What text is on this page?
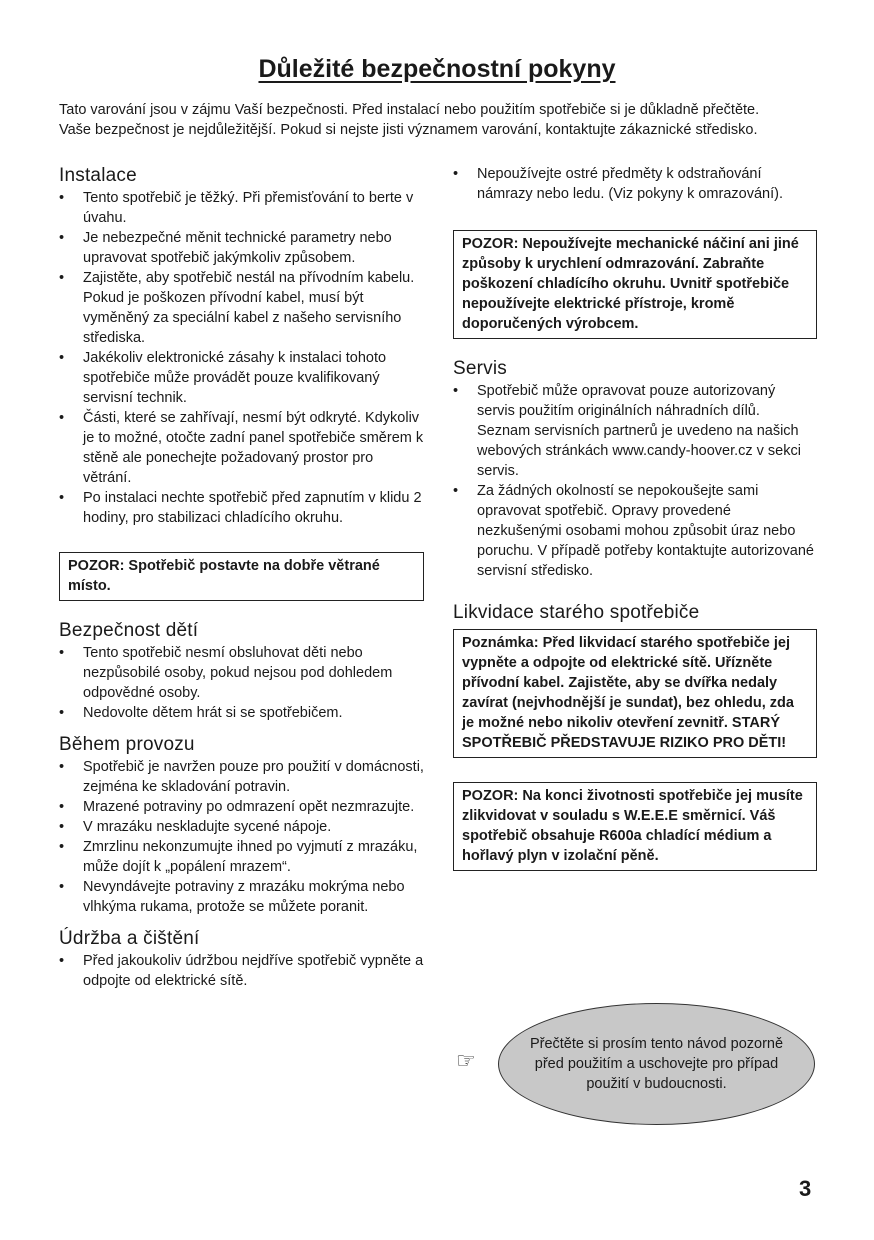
Důležité bezpečnostní pokyny

Tato varování jsou v zájmu Vaší bezpečnosti. Před instalací nebo použitím spotřebiče si je důkladně přečtěte. Vaše bezpečnost je nejdůležitější. Pokud si nejste jisti významem varování, kontaktujte zákaznické středisko.

Instalace
• Tento spotřebič je těžký. Při přemisťování to berte v úvahu.
• Je nebezpečné měnit technické parametry nebo upravovat spotřebič jakýmkoliv způsobem.
• Zajistěte, aby spotřebič nestál na přívodním kabelu. Pokud je poškozen přívodní kabel, musí být vyměněný za speciální kabel z našeho servisního střediska.
• Jakékoliv elektronické zásahy k instalaci tohoto spotřebiče může provádět pouze kvalifikovaný servisní technik.
• Části, které se zahřívají, nesmí být odkryté. Kdykoliv je to možné, otočte zadní panel spotřebiče směrem k stěně ale ponechejte požadovaný prostor pro větrání.
• Po instalaci nechte spotřebič před zapnutím v klidu 2 hodiny, pro stabilizaci chladícího okruhu.
POZOR: Spotřebič postavte na dobře větrané místo.
Bezpečnost dětí
• Tento spotřebič nesmí obsluhovat děti nebo nezpůsobilé osoby, pokud nejsou pod dohledem odpovědné osoby.
• Nedovolte dětem hrát si se spotřebičem.
Během provozu
• Spotřebič je navržen pouze pro použití v domácnosti, zejména ke skladování potravin.
• Mrazené potraviny po odmrazení opět nezmrazujte.
• V mrazáku neskladujte sycené nápoje.
• Zmrzlinu nekonzumujte ihned po vyjmutí z mrazáku, může dojít k „popálení mrazem“.
• Nevyndávejte potraviny z mrazáku mokrýma nebo vlhkýma rukama, protože se můžete poranit.
Údržba a čištění
• Před jakoukoliv údržbou nejdříve spotřebič vypněte a odpojte od elektrické sítě.
• Nepoužívejte ostré předměty k odstraňování námrazy nebo ledu. (Viz pokyny k omrazování).
POZOR: Nepoužívejte mechanické náčiní ani jiné způsoby k urychlení odmrazování. Zabraňte poškození chladícího okruhu. Uvnitř spotřebiče nepoužívejte elektrické přístroje, kromě doporučených výrobcem.
Servis
• Spotřebič může opravovat pouze autorizovaný servis použitím originálních náhradních dílů. Seznam servisních partnerů je uvedeno na našich webových stránkách www.candy-hoover.cz v sekci servis.
• Za žádných okolností se nepokoušejte sami opravovat spotřebič. Opravy provedené nezkušenými osobami mohou způsobit úraz nebo poruchu. V případě potřeby kontaktujte autorizované servisní středisko.
Likvidace starého spotřebiče
Poznámka: Před likvidací starého spotřebiče jej vypněte a odpojte od elektrické sítě. Uřízněte přívodní kabel. Zajistěte, aby se dvířka nedaly zavírat (nejvhodnější je sundat), bez ohledu, zda je možné nebo nikoliv otevření zevnitř. STARÝ SPOTŘEBIČ PŘEDSTAVUJE RIZIKO PRO DĚTI!
POZOR: Na konci životnosti spotřebiče jej musíte zlikvidovat v souladu s W.E.E.E směrnicí. Váš spotřebič obsahuje R600a chladící médium a hořlavý plyn v izolační pěně.
☞
Přečtěte si prosím tento návod pozorně před použitím a uschovejte pro případ použití v budoucnosti.
3
